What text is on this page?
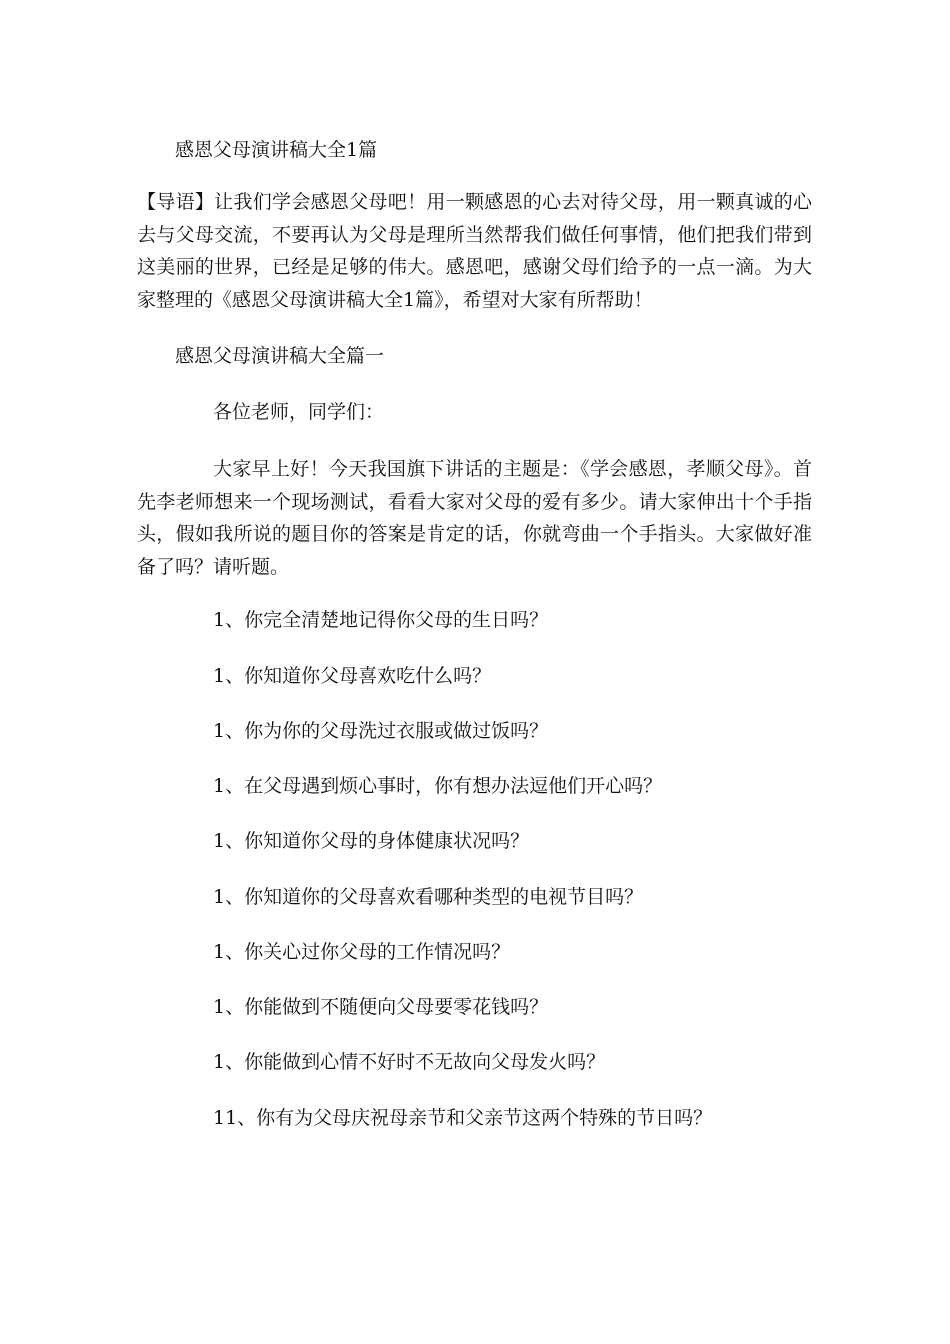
感恩父母演讲稿大全1篇
【导语】让我们学会感恩父母吧！用一颗感恩的心去对待父母，用一颗真诚的心去与父母交流，不要再认为父母是理所当然帮我们做任何事情，他们把我们带到这美丽的世界，已经是足够的伟大。感恩吧，感谢父母们给予的一点一滴。为大家整理的《感恩父母演讲稿大全1篇》，希望对大家有所帮助！
感恩父母演讲稿大全篇一
各位老师，同学们：
大家早上好！今天我国旗下讲话的主题是：《学会感恩，孝顺父母》。首先李老师想来一个现场测试，看看大家对父母的爱有多少。请大家伸出十个手指头，假如我所说的题目你的答案是肯定的话，你就弯曲一个手指头。大家做好准备了吗？请听题。
1、你完全清楚地记得你父母的生日吗？
1、你知道你父母喜欢吃什么吗？
1、你为你的父母洗过衣服或做过饭吗？
1、在父母遇到烦心事时，你有想办法逗他们开心吗？
1、你知道你父母的身体健康状况吗？
1、你知道你的父母喜欢看哪种类型的电视节目吗？
1、你关心过你父母的工作情况吗？
1、你能做到不随便向父母要零花钱吗？
1、你能做到心情不好时不无故向父母发火吗？
11、你有为父母庆祝母亲节和父亲节这两个特殊的节日吗？
